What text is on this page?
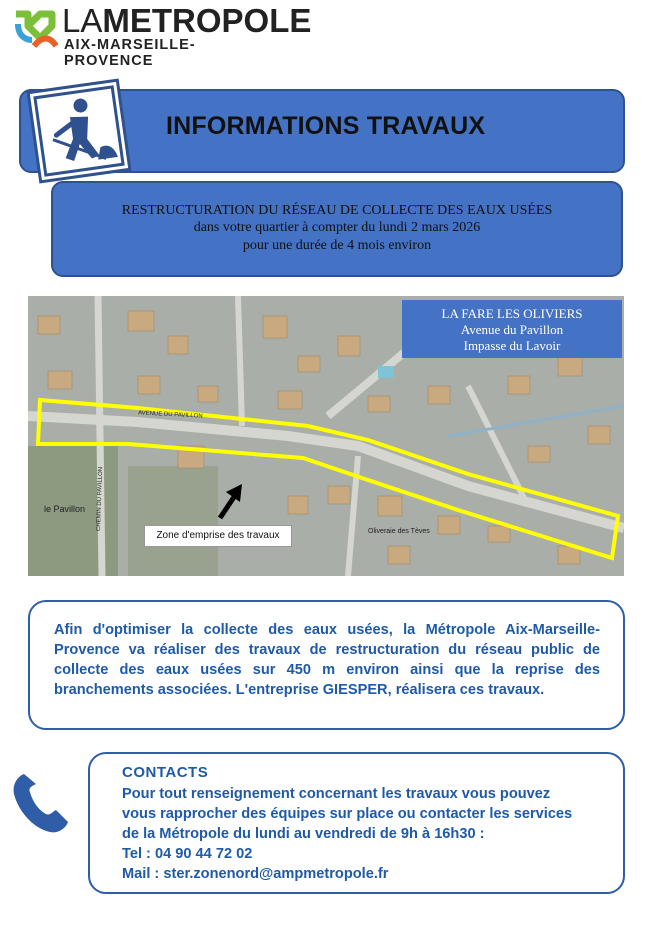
LAMETROPOLE
AIX-MARSEILLE-PROVENCE
INFORMATIONS TRAVAUX
RESTRUCTURATION DU RÉSEAU DE COLLECTE DES EAUX USÉES
dans votre quartier à compter du lundi 2 mars 2026
pour une durée de 4 mois environ
LA FARE LES OLIVIERS
Avenue du Pavillon
Impasse du Lavoir
le Pavillon
AVENUE DU PAVILLON
CHEMIN DU PAVILLON
Oliveraie des Tèves
Zone d'emprise des travaux

Afin d'optimiser la collecte des eaux usées, la Métropole Aix-Marseille-Provence va réaliser des travaux de restructuration du réseau public de collecte des eaux usées sur 450 m environ ainsi que la reprise des branchements associées. L'entreprise GIESPER, réalisera ces travaux.

CONTACTS
Pour tout renseignement concernant les travaux vous pouvez
vous rapprocher des équipes sur place ou contacter les services
de la Métropole du lundi au vendredi de 9h à 16h30 :
Tel : 04 90 44 72 02
Mail : ster.zonenord@ampmetropole.fr
